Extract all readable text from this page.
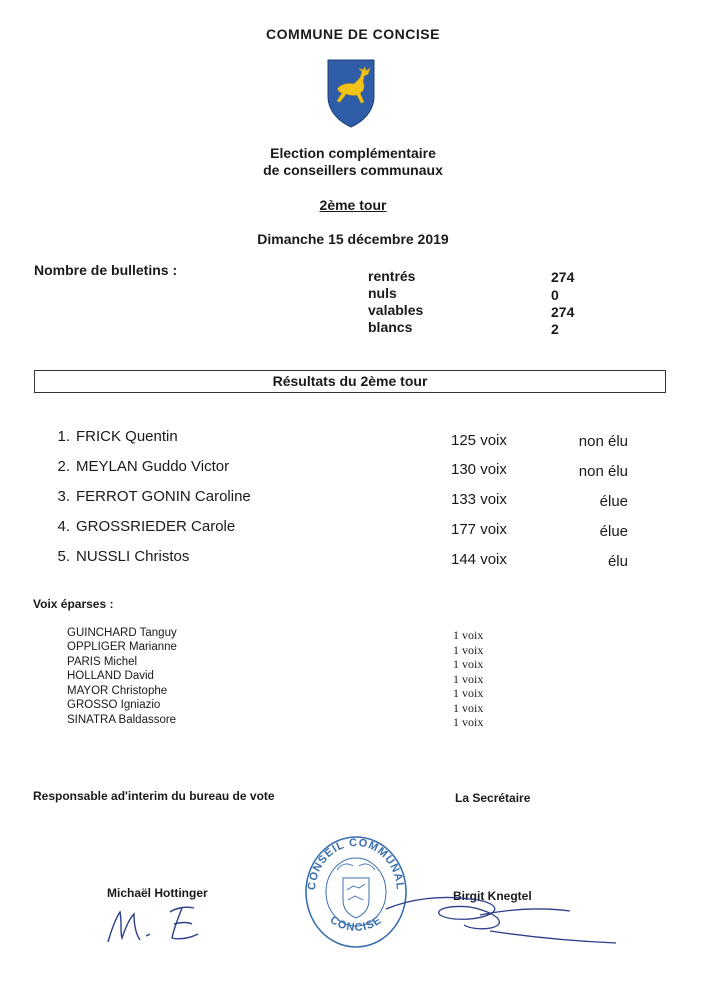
COMMUNE DE CONCISE
Election complémentaire
de conseillers communaux
2ème tour
Dimanche 15 décembre 2019
Nombre de bulletins :	rentrés	274
nuls	0
valables	274
blancs	2
Résultats du 2ème tour
1. FRICK Quentin	125 voix	non élu
2. MEYLAN Guddo Victor	130 voix	non élu
3. FERROT GONIN Caroline	133 voix	élue
4. GROSSRIEDER Carole	177 voix	élue
5. NUSSLI Christos	144 voix	élu
Voix éparses :
GUINCHARD Tanguy	1 voix
OPPLIGER Marianne	1 voix
PARIS Michel	1 voix
HOLLAND David	1 voix
MAYOR Christophe	1 voix
GROSSO Igniazio	1 voix
SINATRA Baldassore	1 voix
Responsable ad'interim du bureau de vote	La Secrétaire
CONSEIL COMMUNAL
CONCISE
Michaël Hottinger	Birgit Knegtel
